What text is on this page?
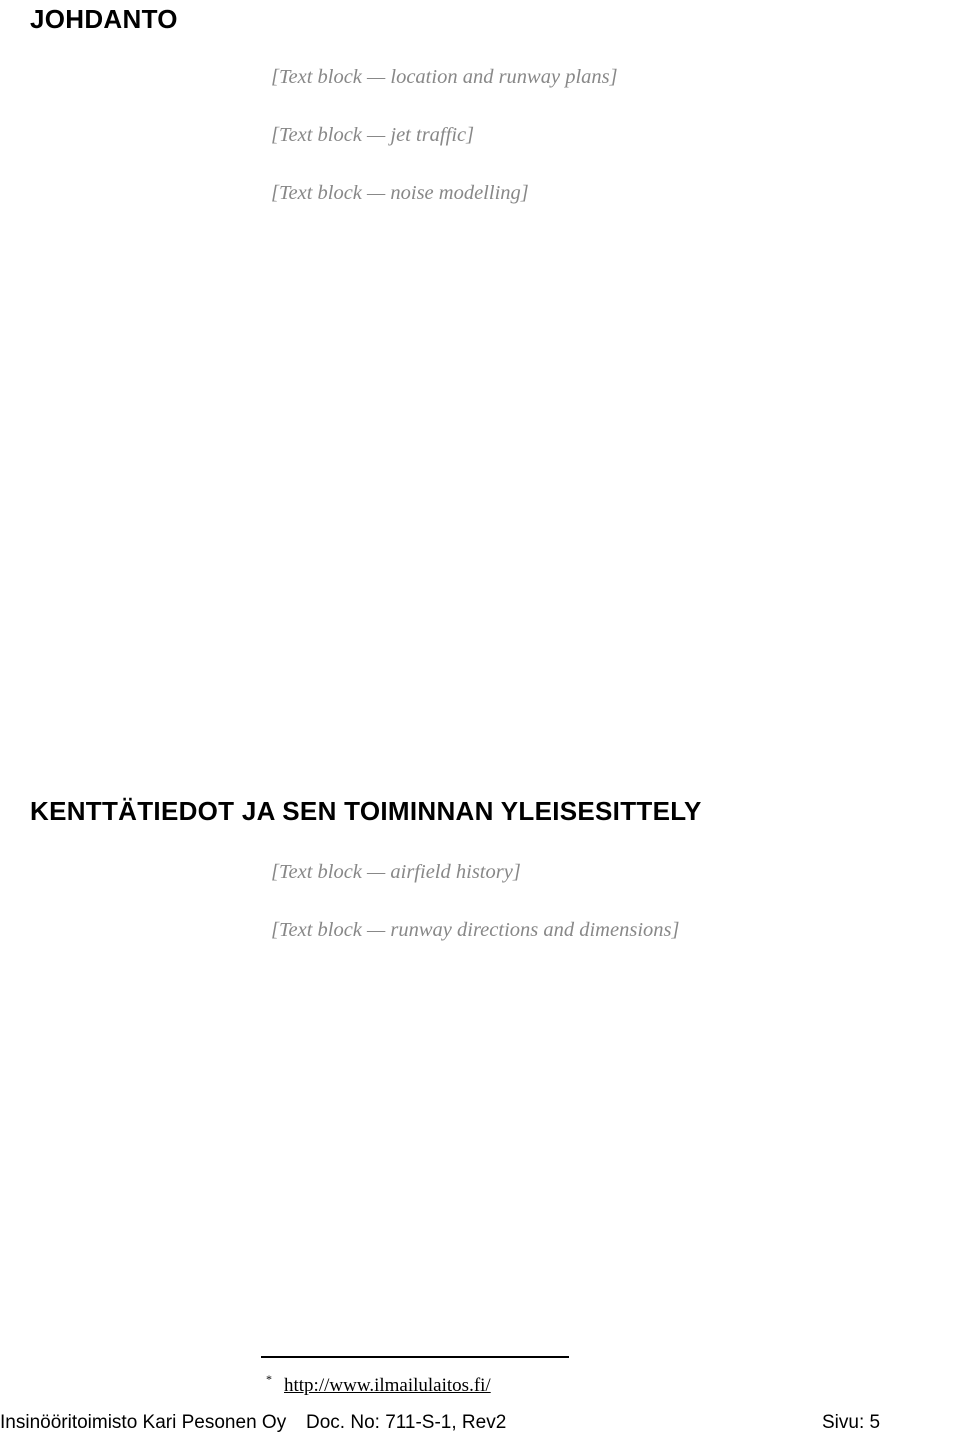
JOHDANTO

[Text block — location and runway plans]

[Text block — jet traffic]

[Text block — noise modelling]

KENTTÄTIEDOT JA SEN TOIMINNAN YLEISESITTELY

[Text block — airfield history]

[Text block — runway directions and dimensions]

* http://www.ilmailulaitos.fi/
Insinööritoimisto Kari Pesonen Oy Doc. No: 711-S-1, Rev2	Sivu: 5
